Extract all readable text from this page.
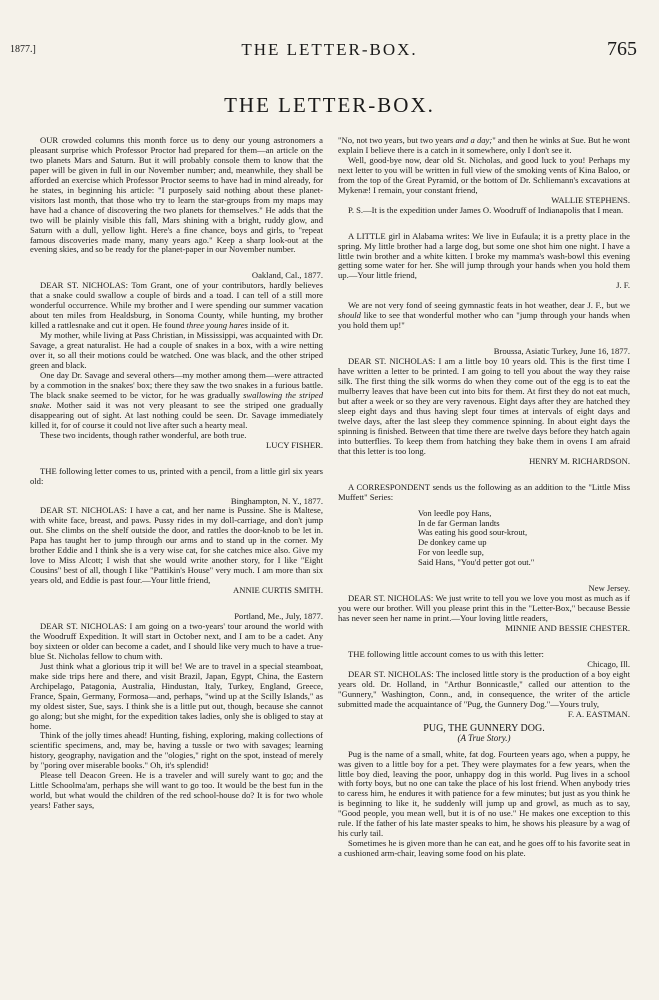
1877.]	THE LETTER-BOX.	765
THE LETTER-BOX.

OUR crowded columns this month force us to deny our young astronomers a pleasant surprise which Professor Proctor had prepared for them—an article on the two planets Mars and Saturn. But it will probably console them to know that the paper will be given in full in our November number; and, meanwhile, they shall be afforded an exercise which Professor Proctor seems to have had in mind already, for he states, in beginning his article: "I purposely said nothing about these planet-visitors last month, that those who try to learn the star-groups from my maps may have had a chance of discovering the two planets for themselves." He adds that the two will be plainly visible this fall, Mars shining with a bright, ruddy glow, and Saturn with a dull, yellow light. Here's a fine chance, boys and girls, to "repeat famous discoveries made many, many years ago." Keep a sharp look-out at the evening skies, and so be ready for the planet-paper in our November number.

Oakland, Cal., 1877.

DEAR ST. NICHOLAS: Tom Grant, one of your contributors, hardly believes that a snake could swallow a couple of birds and a toad. I can tell of a still more wonderful occurrence. While my brother and I were spending our summer vacation about ten miles from Healdsburg, in Sonoma County, while hunting, my brother killed a rattlesnake and cut it open. He found three young hares inside of it.

My mother, while living at Pass Christian, in Mississippi, was acquainted with Dr. Savage, a great naturalist. He had a couple of snakes in a box, with a wire netting over it, so all their motions could be watched. One was black, and the other striped green and black.

One day Dr. Savage and several others—my mother among them—were attracted by a commotion in the snakes' box; there they saw the two snakes in a furious battle. The black snake seemed to be victor, for he was gradually swallowing the striped snake. Mother said it was not very pleasant to see the striped one gradually disappearing out of sight. At last nothing could be seen. Dr. Savage immediately killed it, for of course it could not live after such a hearty meal.

These two incidents, though rather wonderful, are both true.

LUCY FISHER.

THE following letter comes to us, printed with a pencil, from a little girl six years old:

Binghampton, N. Y., 1877.

DEAR ST. NICHOLAS: I have a cat, and her name is Pussine. She is Maltese, with white face, breast, and paws. Pussy rides in my doll-carriage, and don't jump out. She climbs on the shelf outside the door, and rattles the door-knob to be let in. Papa has taught her to jump through our arms and to stand up in the corner. My brother Eddie and I think she is a very wise cat, for she catches mice also. Give my love to Miss Alcott; I wish that she would write another story, for I like "Eight Cousins" best of all, though I like "Pattikin's House" very much. I am more than six years old, and Eddie is past four.—Your little friend,

ANNIE CURTIS SMITH.

Portland, Me., July, 1877.

DEAR ST. NICHOLAS: I am going on a two-years' tour around the world with the Woodruff Expedition. It will start in October next, and I am to be a cadet. Any boy sixteen or older can become a cadet, and I should like very much to have a true-blue St. Nicholas fellow to chum with.

Just think what a glorious trip it will be! We are to travel in a special steamboat, make side trips here and there, and visit Brazil, Japan, Egypt, China, the Eastern Archipelago, Patagonia, Australia, Hindustan, Italy, Turkey, England, Greece, France, Spain, Germany, Formosa—and, perhaps, "wind up at the Scilly Islands," as my oldest sister, Sue, says. I think she is a little put out, though, because she cannot go along; but she might, for the expedition takes ladies, only she is obliged to stay at home.

Think of the jolly times ahead! Hunting, fishing, exploring, making collections of scientific specimens, and, may be, having a tussle or two with savages; learning history, geography, navigation and the "ologies," right on the spot, instead of merely by "poring over miserable books." Oh, it's splendid!

Please tell Deacon Green. He is a traveler and will surely want to go; and the Little Schoolma'am, perhaps she will want to go too. It would be the best fun in the world, but what would the children of the red school-house do? It is for two whole years! Father says,

"No, not two years, but two years and a day;" and then he winks at Sue. But he wont explain I believe there is a catch in it somewhere, only I don't see it.

Well, good-bye now, dear old St. Nicholas, and good luck to you! Perhaps my next letter to you will be written in full view of the smoking vents of Kina Baloo, or from the top of the Great Pyramid, or the bottom of Dr. Schliemann's excavations at Mykenæ! I remain, your constant friend,

WALLIE STEPHENS.

P. S.—It is the expedition under James O. Woodruff of Indianapolis that I mean.

A LITTLE girl in Alabama writes: We live in Eufaula; it is a pretty place in the spring. My little brother had a large dog, but some one shot him one night. I have a little twin brother and a white kitten. I broke my mamma's wash-bowl this evening getting some water for her. She will jump through your hands when you hold them up.—Your little friend,

J. F.

We are not very fond of seeing gymnastic feats in hot weather, dear J. F., but we should like to see that wonderful mother who can "jump through your hands when you hold them up!"

Broussa, Asiatic Turkey, June 16, 1877.

DEAR ST. NICHOLAS: I am a little boy 10 years old. This is the first time I have written a letter to be printed. I am going to tell you about the way they raise silk. The first thing the silk worms do when they come out of the egg is to eat the mulberry leaves that have been cut into bits for them. At first they do not eat much, but after a week or so they are very ravenous. Eight days after they are hatched they sleep eight days and thus having slept four times at intervals of eight days and twelve days, after the last sleep they commence spinning. In about eight days the spinning is finished. Between that time there are twelve days before they hatch again into butterflies. To keep them from hatching they bake them in ovens I am afraid that this letter is too long.

HENRY M. RICHARDSON.

A CORRESPONDENT sends us the following as an addition to the "Little Miss Muffett" Series:

Von leedle poy Hans,
In de far German landts
Was eating his good sour-krout,
De donkey came up
For von leedle sup,
Said Hans, "You'd petter got out."

New Jersey.

DEAR ST. NICHOLAS: We just write to tell you we love you most as much as if you were our brother. Will you please print this in the "Letter-Box," because Bessie has never seen her name in print.—Your loving little readers,

MINNIE AND BESSIE CHESTER.

THE following little account comes to us with this letter:

Chicago, Ill.

DEAR ST. NICHOLAS: The inclosed little story is the production of a boy eight years old. Dr. Holland, in "Arthur Bonnicastle," called our attention to the "Gunnery," Washington, Conn., and, in consequence, the writer of the article submitted made the acquaintance of "Pug, the Gunnery Dog."—Yours truly,

F. A. EASTMAN.

PUG, THE GUNNERY DOG.
(A True Story.)

Pug is the name of a small, white, fat dog. Fourteen years ago, when a puppy, he was given to a little boy for a pet. They were playmates for a few years, when the little boy died, leaving the poor, unhappy dog in this world. Pug lives in a school with forty boys, but no one can take the place of his lost friend. When anybody tries to caress him, he endures it with patience for a few minutes; but just as you think he is beginning to like it, he suddenly will jump up and growl, as much as to say, "Good people, you mean well, but it is of no use." He makes one exception to this rule. If the father of his late master speaks to him, he shows his pleasure by a wag of his curly tail.

Sometimes he is given more than he can eat, and he goes off to his favorite seat in a cushioned arm-chair, leaving some food on his plate.
